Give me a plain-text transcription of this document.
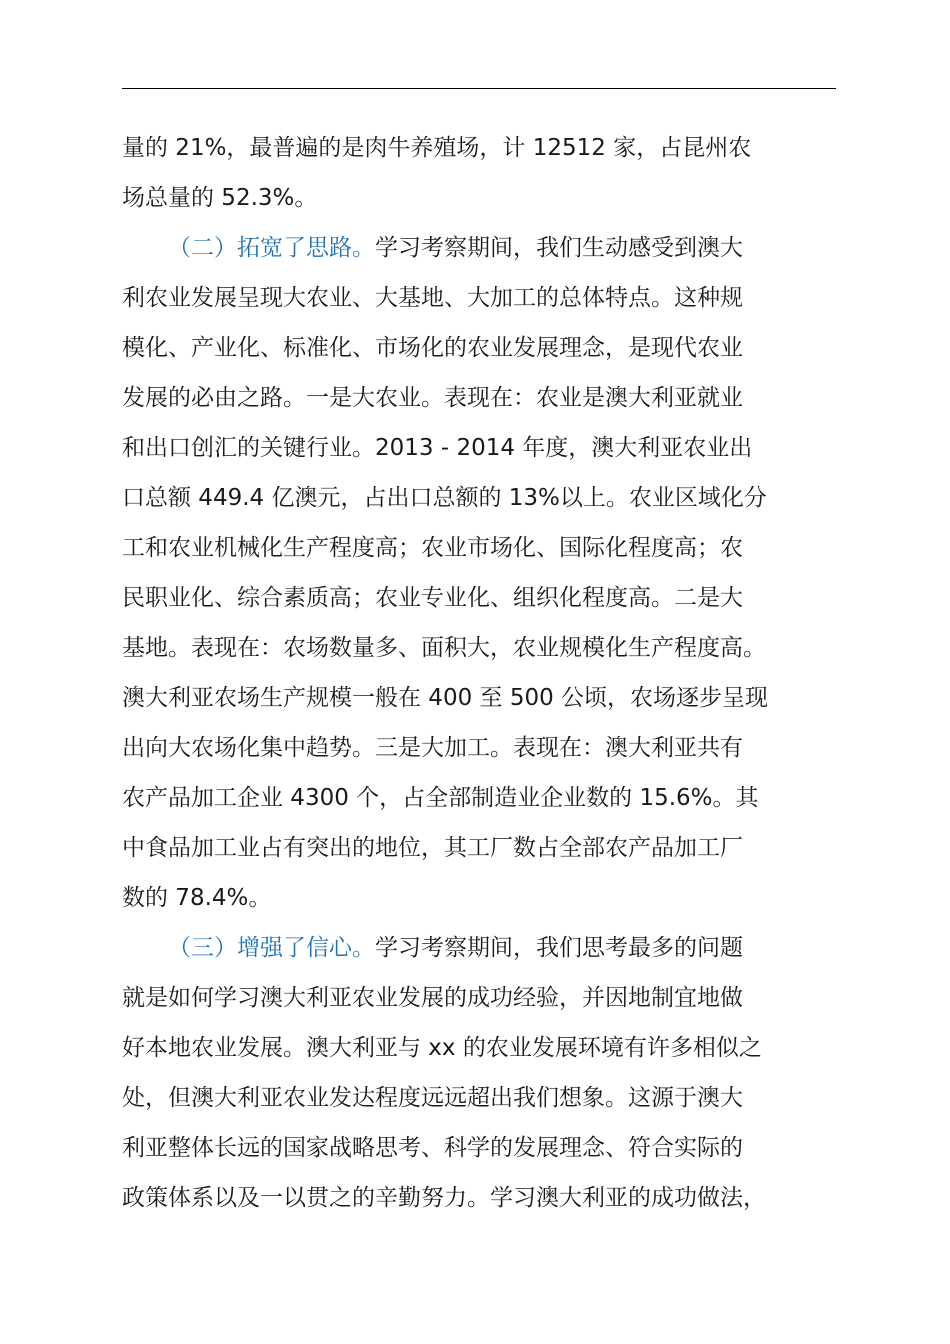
量的 21%，最普遍的是肉牛养殖场，计 12512 家，占昆州农
场总量的 52.3%。
（二）拓宽了思路。学习考察期间，我们生动感受到澳大
利农业发展呈现大农业、大基地、大加工的总体特点。这种规
模化、产业化、标准化、市场化的农业发展理念，是现代农业
发展的必由之路。一是大农业。表现在：农业是澳大利亚就业
和出口创汇的关键行业。2013 - 2014 年度，澳大利亚农业出
口总额 449.4 亿澳元，占出口总额的 13%以上。农业区域化分
工和农业机械化生产程度高；农业市场化、国际化程度高；农
民职业化、综合素质高；农业专业化、组织化程度高。二是大
基地。表现在：农场数量多、面积大，农业规模化生产程度高。
澳大利亚农场生产规模一般在 400 至 500 公顷，农场逐步呈现
出向大农场化集中趋势。三是大加工。表现在：澳大利亚共有
农产品加工企业 4300 个，占全部制造业企业数的 15.6%。其
中食品加工业占有突出的地位，其工厂数占全部农产品加工厂
数的 78.4%。
（三）增强了信心。学习考察期间，我们思考最多的问题
就是如何学习澳大利亚农业发展的成功经验，并因地制宜地做
好本地农业发展。澳大利亚与 xx 的农业发展环境有许多相似之
处，但澳大利亚农业发达程度远远超出我们想象。这源于澳大
利亚整体长远的国家战略思考、科学的发展理念、符合实际的
政策体系以及一以贯之的辛勤努力。学习澳大利亚的成功做法，
